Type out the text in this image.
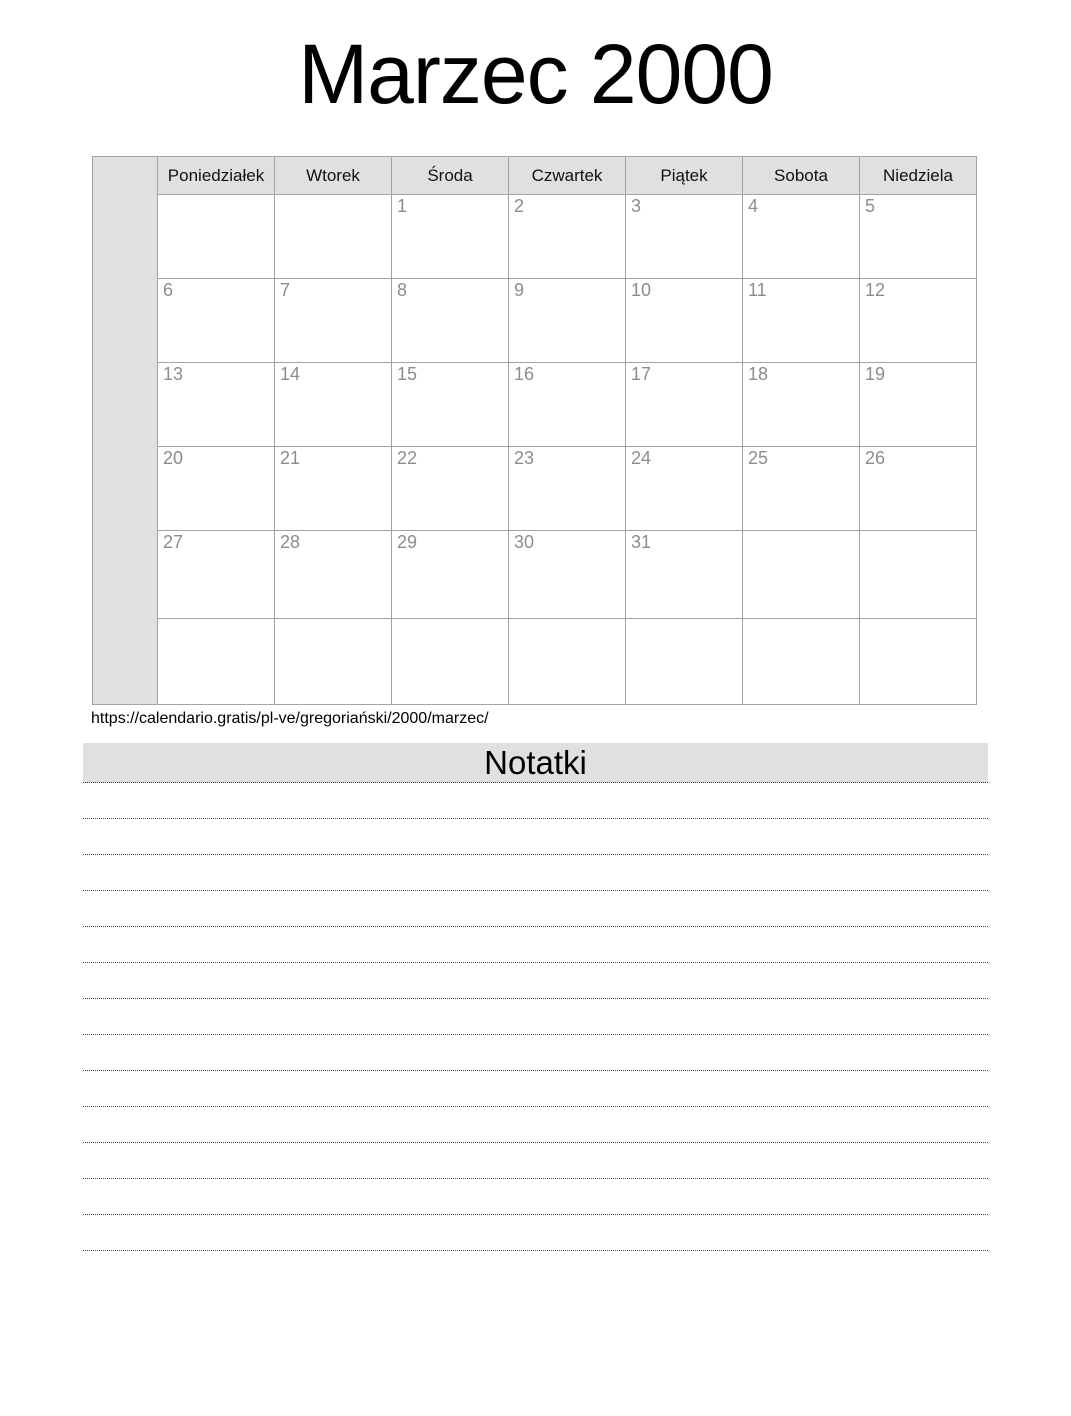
Marzec 2000
Poniedziałek	Wtorek	Środa	Czwartek	Piątek	Sobota	Niedziela
		1	2	3	4	5
6	7	8	9	10	11	12
13	14	15	16	17	18	19
20	21	22	23	24	25	26
27	28	29	30	31		

https://calendario.gratis/pl-ve/gregoriański/2000/marzec/
Notatki
